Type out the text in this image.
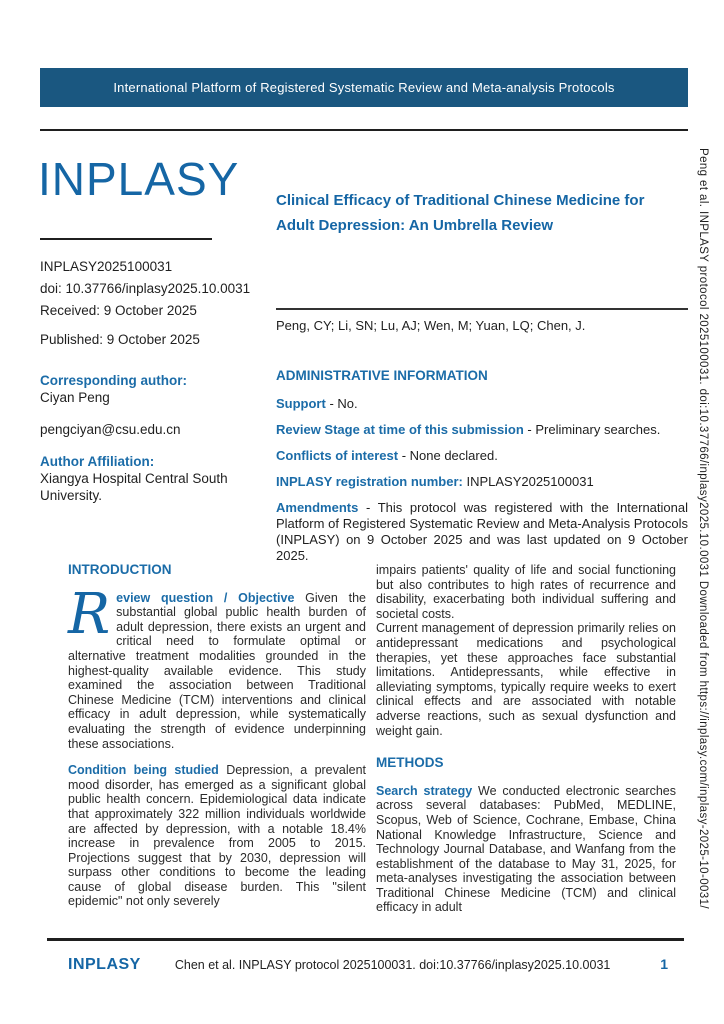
International Platform of Registered Systematic Review and Meta-analysis Protocols
INPLASY
INPLASY2025100031
doi: 10.37766/inplasy2025.10.0031
Received: 9 October 2025
Published: 9 October 2025
Corresponding author:
Ciyan Peng
pengciyan@csu.edu.cn
Author Affiliation:
Xiangya Hospital Central South University.
Clinical Efficacy of Traditional Chinese Medicine for Adult Depression: An Umbrella Review
Peng, CY; Li, SN; Lu, AJ; Wen, M; Yuan, LQ; Chen, J.
ADMINISTRATIVE INFORMATION
Support - No.
Review Stage at time of this submission - Preliminary searches.
Conflicts of interest - None declared.
INPLASY registration number: INPLASY2025100031
Amendments - This protocol was registered with the International Platform of Registered Systematic Review and Meta-Analysis Protocols (INPLASY) on 9 October 2025 and was last updated on 9 October 2025.
INTRODUCTION

Review question / Objective Given the substantial global public health burden of adult depression, there exists an urgent and critical need to formulate optimal or alternative treatment modalities grounded in the highest-quality available evidence. This study examined the association between Traditional Chinese Medicine (TCM) interventions and clinical efficacy in adult depression, while systematically evaluating the strength of evidence underpinning these associations.

Condition being studied Depression, a prevalent mood disorder, has emerged as a significant global public health concern. Epidemiological data indicate that approximately 322 million individuals worldwide are affected by depression, with a notable 18.4% increase in prevalence from 2005 to 2015. Projections suggest that by 2030, depression will surpass other conditions to become the leading cause of global disease burden. This "silent epidemic" not only severely

impairs patients' quality of life and social functioning but also contributes to high rates of recurrence and disability, exacerbating both individual suffering and societal costs.

Current management of depression primarily relies on antidepressant medications and psychological therapies, yet these approaches face substantial limitations. Antidepressants, while effective in alleviating symptoms, typically require weeks to exert clinical effects and are associated with notable adverse reactions, such as sexual dysfunction and weight gain.

METHODS

Search strategy We conducted electronic searches across several databases: PubMed, MEDLINE, Scopus, Web of Science, Cochrane, Embase, China National Knowledge Infrastructure, Science and Technology Journal Database, and Wanfang from the establishment of the database to May 31, 2025, for meta-analyses investigating the association between Traditional Chinese Medicine (TCM) and clinical efficacy in adult

INPLASY	Chen et al. INPLASY protocol 2025100031. doi:10.37766/inplasy2025.10.0031	1
Peng et al. INPLASY protocol 2025100031. doi:10.37766/inplasy2025.10.0031 Downloaded from https://inplasy.com/inplasy-2025-10-0031/
